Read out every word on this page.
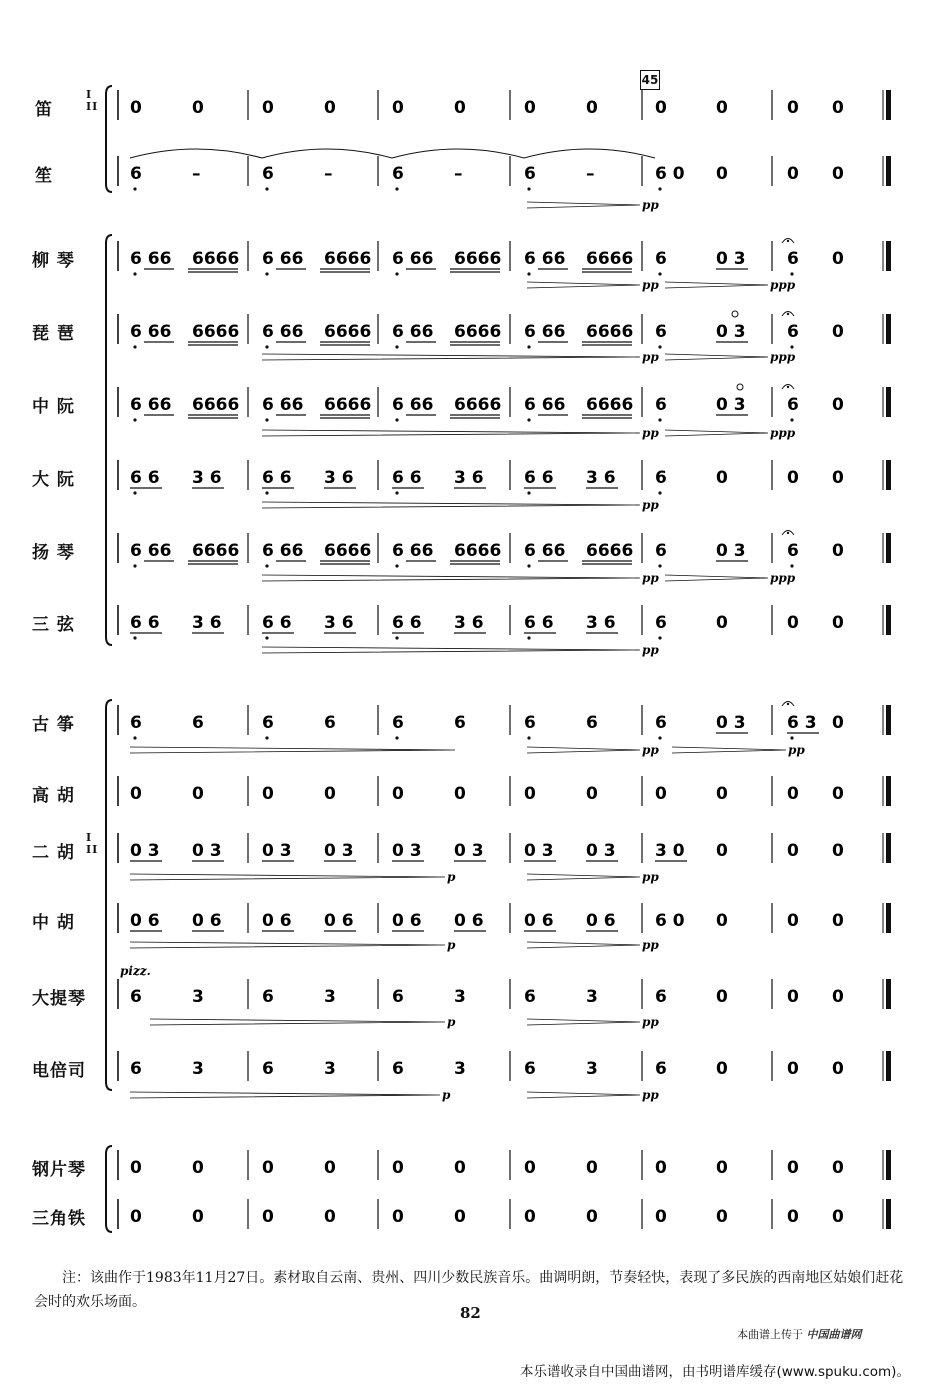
0	0	0	0	0	0	0	0	0	0	0 0
6	–	6	–	6	–	6	–	6 0 0	0 0
6 66 6666 6 66 6666 6 66 6666 6 66 6666 6	0 3 6 0
6 66 6666 6 66 6666 6 66 6666 6 66 6666 6	0 3 6 0
6 66 6666 6 66 6666 6 66 6666 6 66 6666 6	0 3 6 0
6 6 3 6 6 6 3 6 6 6 3 6 6 6 3 6 6	0	0 0
6 66 6666 6 66 6666 6 66 6666 6 66 6666 6	0 3 6 0
6 6 3 6 6 6 3 6 6 6 3 6 6 6 3 6 6	0	0 0
6	6	6	6	6	6	6	6	6	0 3 6 3 0
0	0	0	0	0	0	0	0	0	0	0 0
0 3 0 3 0 3 0 3 0 3 0 3 0 3 0 3 3 0 0	0 0
0 6 0 6 0 6 0 6 0 6 0 6 0 6 0 6 6 0 0	0 0
6	3	6	3	6	3	6	3	6	0	0 0
6	3	6	3	6	3	6	3	6	0	0 0
0	0	0	0	0	0	0	0	0	0	0 0
0	0	0	0	0	0	0	0	0	0	0 0
pp
pp	ppp
pp	ppp
pp	ppp
pp
pp	ppp
pp
pp	pp
p	pp
p	pp
p	pp
p	pp
pizz.
45
笛
I
II
笙
柳 琴
琵 琶
中 阮
大 阮
扬 琴
三 弦
古 筝
高 胡
二 胡
I
II
中 胡
大提琴
电倍司
钢片琴
三角铁
注：该曲作于1983年11月27日。素材取自云南、贵州、四川少数民族音乐。曲调明朗，节奏轻快，表现了多民族的西南地区姑娘们赶花会时的欢乐场面。
82
本曲谱上传于 中国曲谱网
本乐谱收录自中国曲谱网，由书明谱库缓存(www.spuku.com)。
